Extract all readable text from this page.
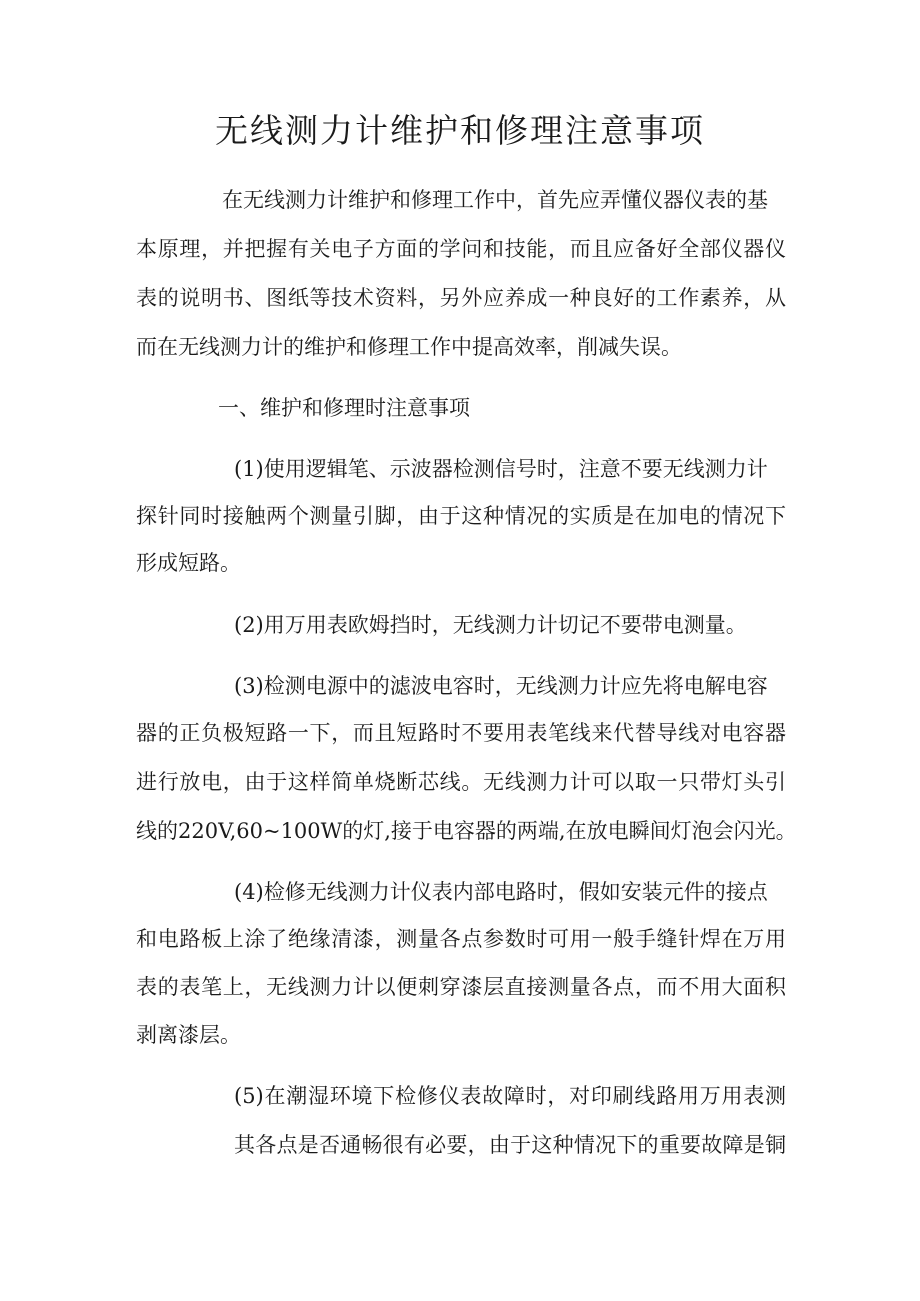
无线测力计维护和修理注意事项
在无线测力计维护和修理工作中，首先应弄懂仪器仪表的基
本原理，并把握有关电子方面的学问和技能，而且应备好全部仪器仪
表的说明书、图纸等技术资料，另外应养成一种良好的工作素养，从
而在无线测力计的维护和修理工作中提高效率，削减失误。
一、维护和修理时注意事项
(1)使用逻辑笔、示波器检测信号时，注意不要无线测力计
探针同时接触两个测量引脚，由于这种情况的实质是在加电的情况下
形成短路。
(2)用万用表欧姆挡时，无线测力计切记不要带电测量。
(3)检测电源中的滤波电容时，无线测力计应先将电解电容
器的正负极短路一下，而且短路时不要用表笔线来代替导线对电容器
进行放电，由于这样简单烧断芯线。无线测力计可以取一只带灯头引
线的220V,60~100W的灯,接于电容器的两端,在放电瞬间灯泡会闪光。
(4)检修无线测力计仪表内部电路时，假如安装元件的接点
和电路板上涂了绝缘清漆，测量各点参数时可用一般手缝针焊在万用
表的表笔上，无线测力计以便刺穿漆层直接测量各点，而不用大面积
剥离漆层。
(5)在潮湿环境下检修仪表故障时，对印刷线路用万用表测
其各点是否通畅很有必要，由于这种情况下的重要故障是铜
